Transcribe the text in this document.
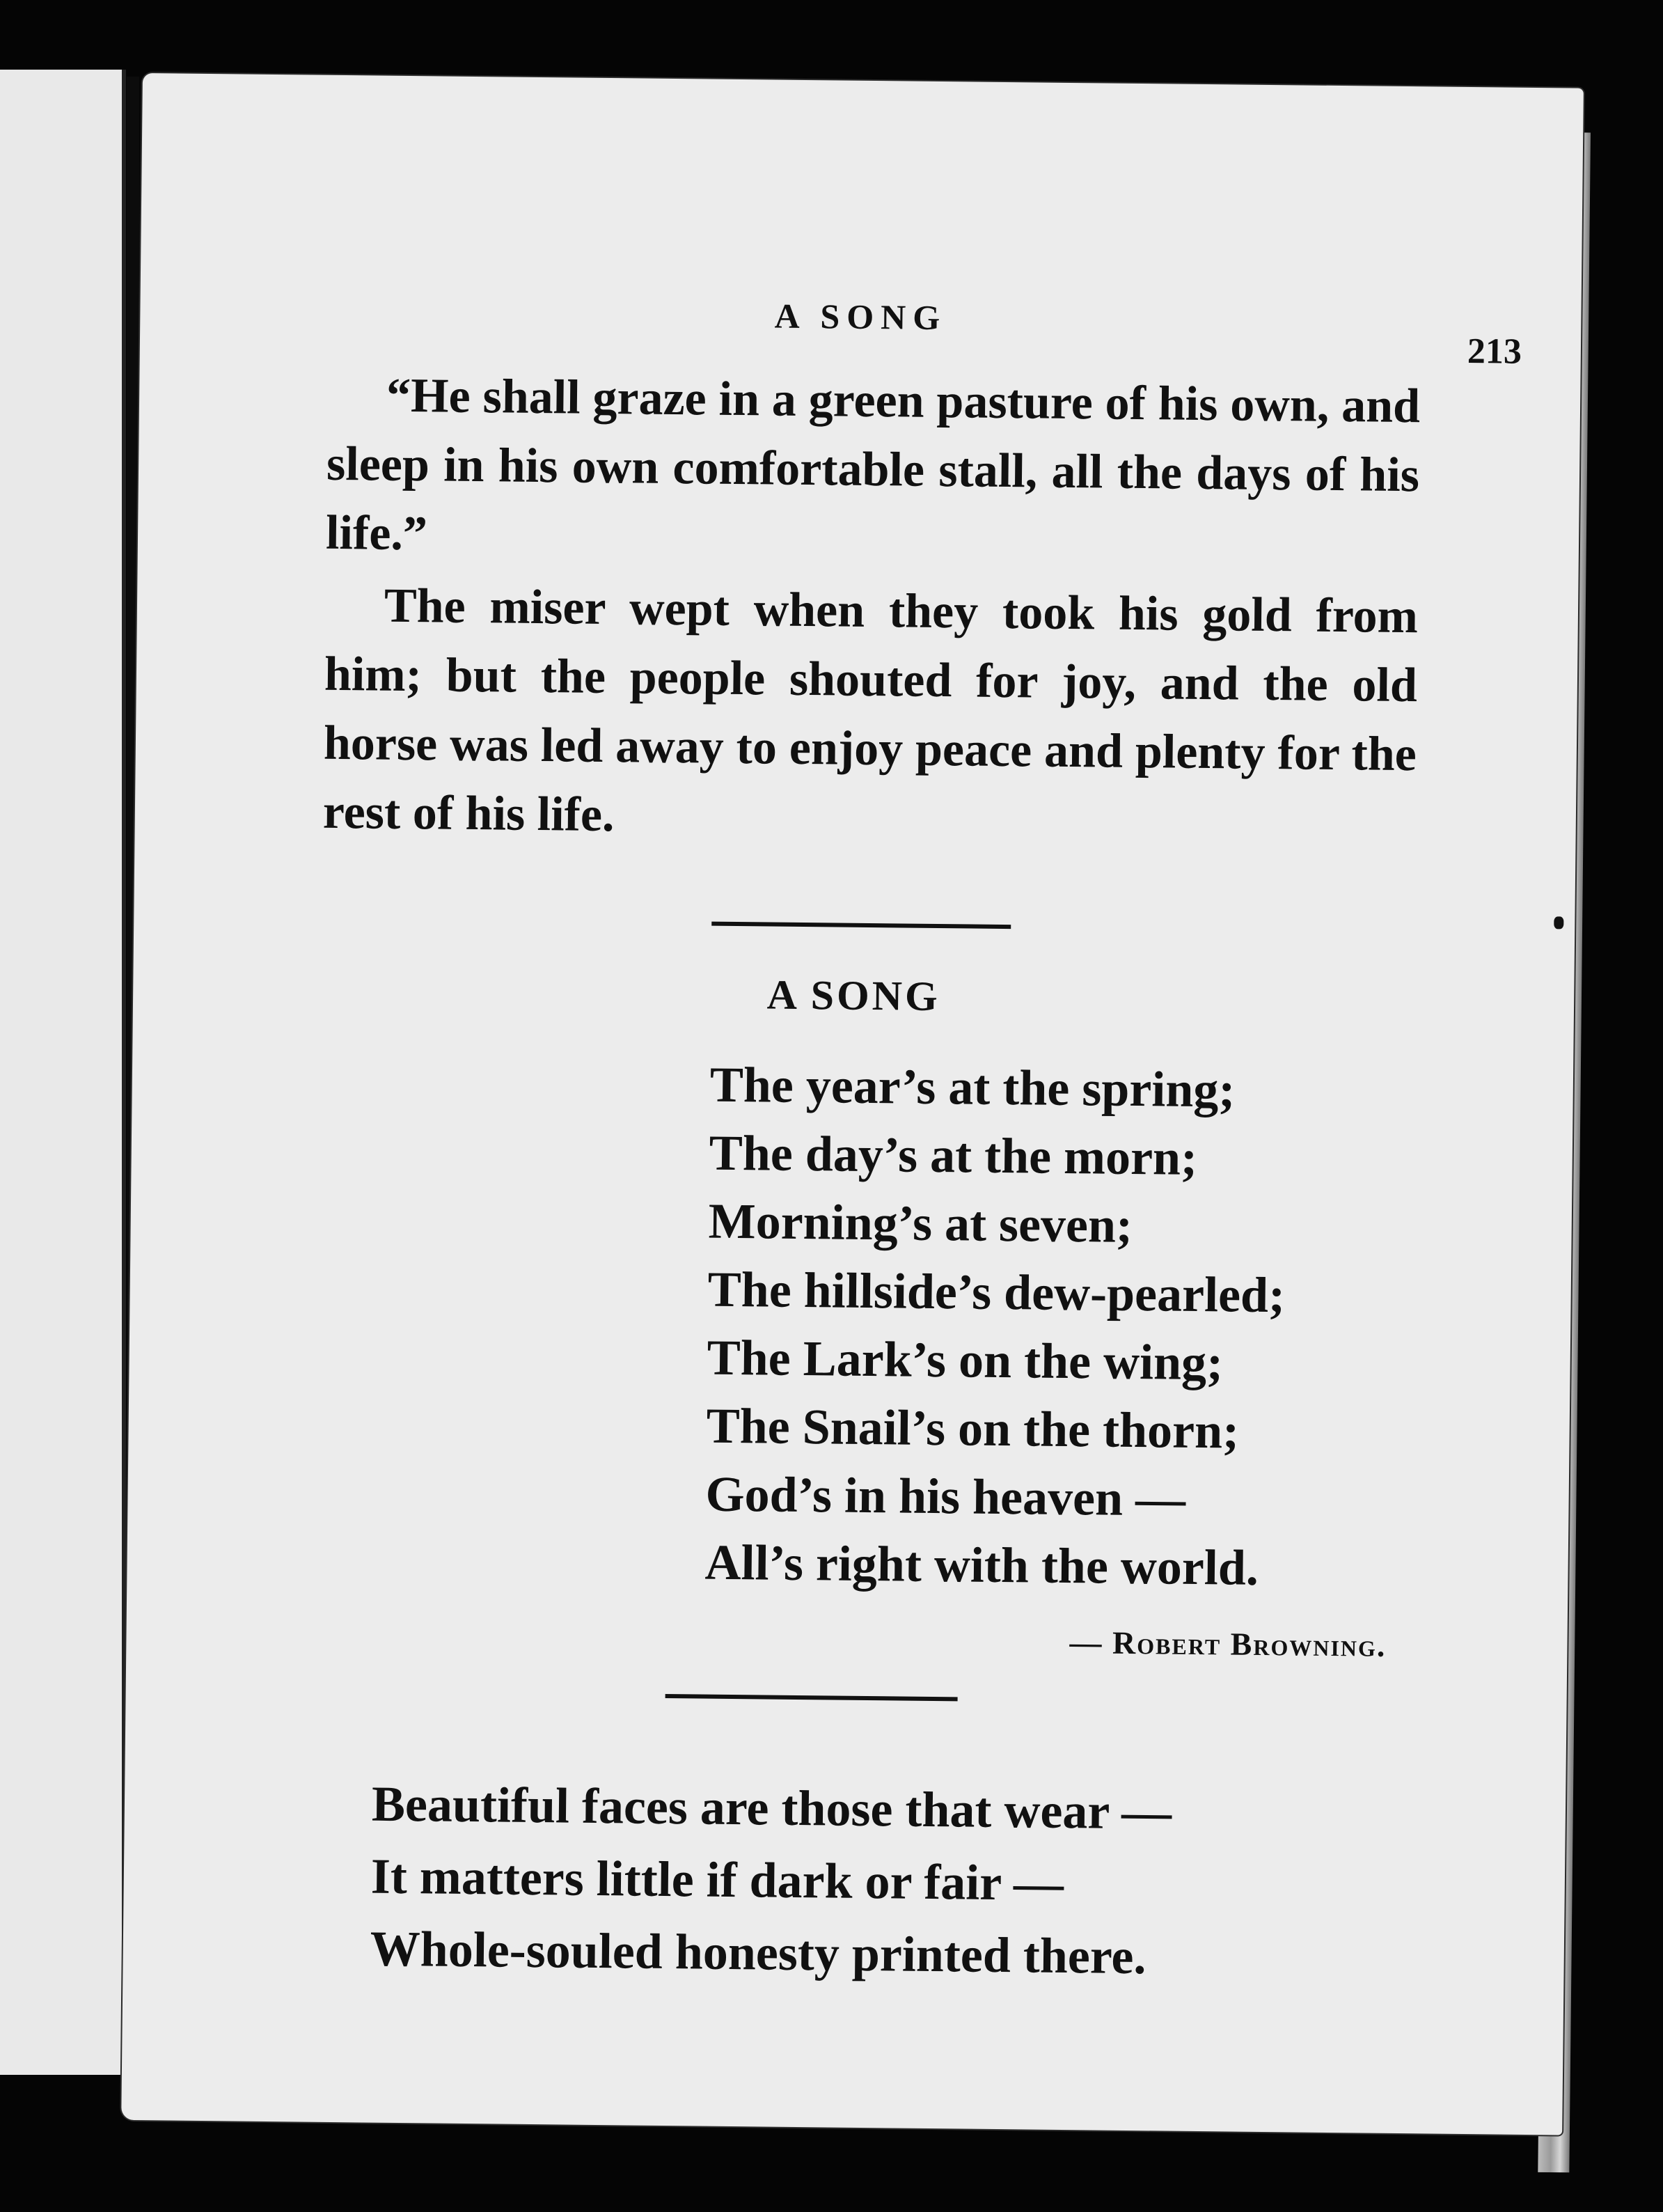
A SONG
213

“He shall graze in a green pasture of his own, and sleep in his own comfortable stall, all the days of his life.”

The miser wept when they took his gold from him; but the people shouted for joy, and the old horse was led away to enjoy peace and plenty for the rest of his life.

A SONG
The year’s at the spring;
The day’s at the morn;
Morning’s at seven;
The hillside’s dew-pearled;
The Lark’s on the wing;
The Snail’s on the thorn;
God’s in his heaven —
All’s right with the world.
— Robert Browning.
Beautiful faces are those that wear —
It matters little if dark or fair —
Whole-souled honesty printed there.
